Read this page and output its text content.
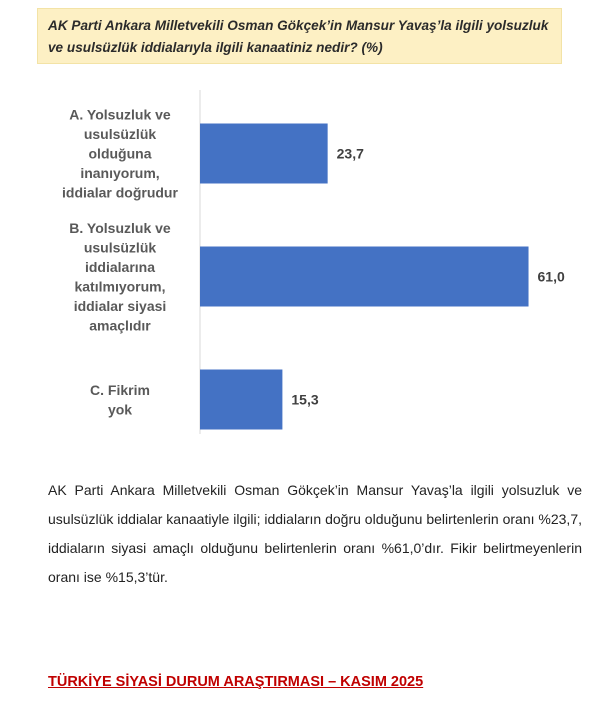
AK Parti Ankara Milletvekili Osman Gökçek’in Mansur Yavaş’la ilgili yolsuzluk ve usulsüzlük iddialarıyla ilgili kanaatiniz nedir? (%)

23,7
A. Yolsuzluk ve usulsüzlük olduğuna inanıyorum, iddialar doğrudur
61,0
B. Yolsuzluk ve usulsüzlük iddialarına katılmıyorum, iddialar siyasi amaçlıdır
15,3
C. Fikrim yok

AK Parti Ankara Milletvekili Osman Gökçek’in Mansur Yavaş’la ilgili yolsuzluk ve usulsüzlük iddialar kanaatiyle ilgili; iddiaların doğru olduğunu belirtenlerin oranı %23,7, iddiaların siyasi amaçlı olduğunu belirtenlerin oranı %61,0’dır. Fikir belirtmeyenlerin oranı ise %15,3’tür.

TÜRKİYE SİYASİ DURUM ARAŞTIRMASI – KASIM 2025
